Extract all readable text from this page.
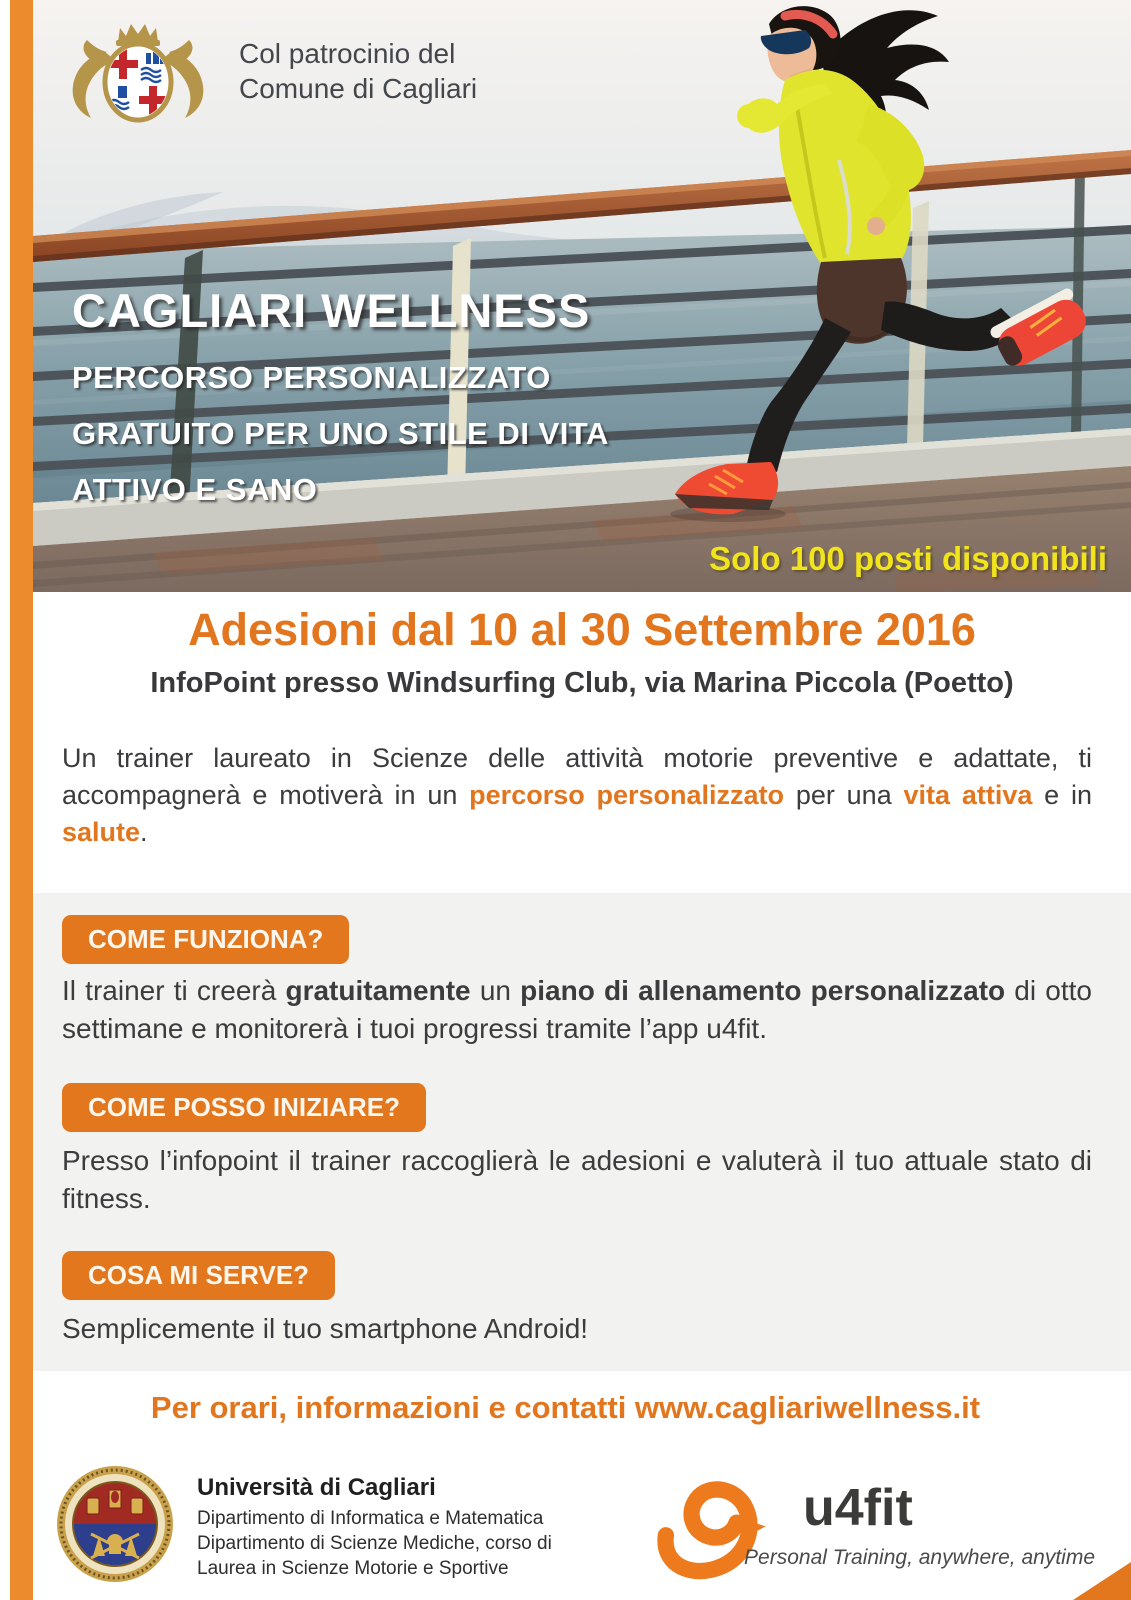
Col patrocinio del
Comune di Cagliari
CAGLIARI WELLNESS
PERCORSO PERSONALIZZATO
GRATUITO PER UNO STILE DI VITA
ATTIVO E SANO
Solo 100 posti disponibili
Adesioni dal 10 al 30 Settembre 2016
InfoPoint presso Windsurfing Club, via Marina Piccola (Poetto)

Un trainer laureato in Scienze delle attività motorie preventive e adattate, ti accompagnerà e motiverà in un percorso personalizzato per una vita attiva e in salute.

COME FUNZIONA?

Il trainer ti creerà gratuitamente un piano di allenamento personalizzato di otto settimane e monitorerà i tuoi progressi tramite l’app u4fit.

COME POSSO INIZIARE?

Presso l’infopoint il trainer raccoglierà le adesioni e valuterà il tuo attuale stato di fitness.

COSA MI SERVE?

Semplicemente il tuo smartphone Android!

Per orari, informazioni e contatti www.cagliariwellness.it

Università di Cagliari

Dipartimento di Informatica e Matematica
Dipartimento di Scienze Mediche, corso di
Laurea in Scienze Motorie e Sportive
u4fit
Personal Training, anywhere, anytime
